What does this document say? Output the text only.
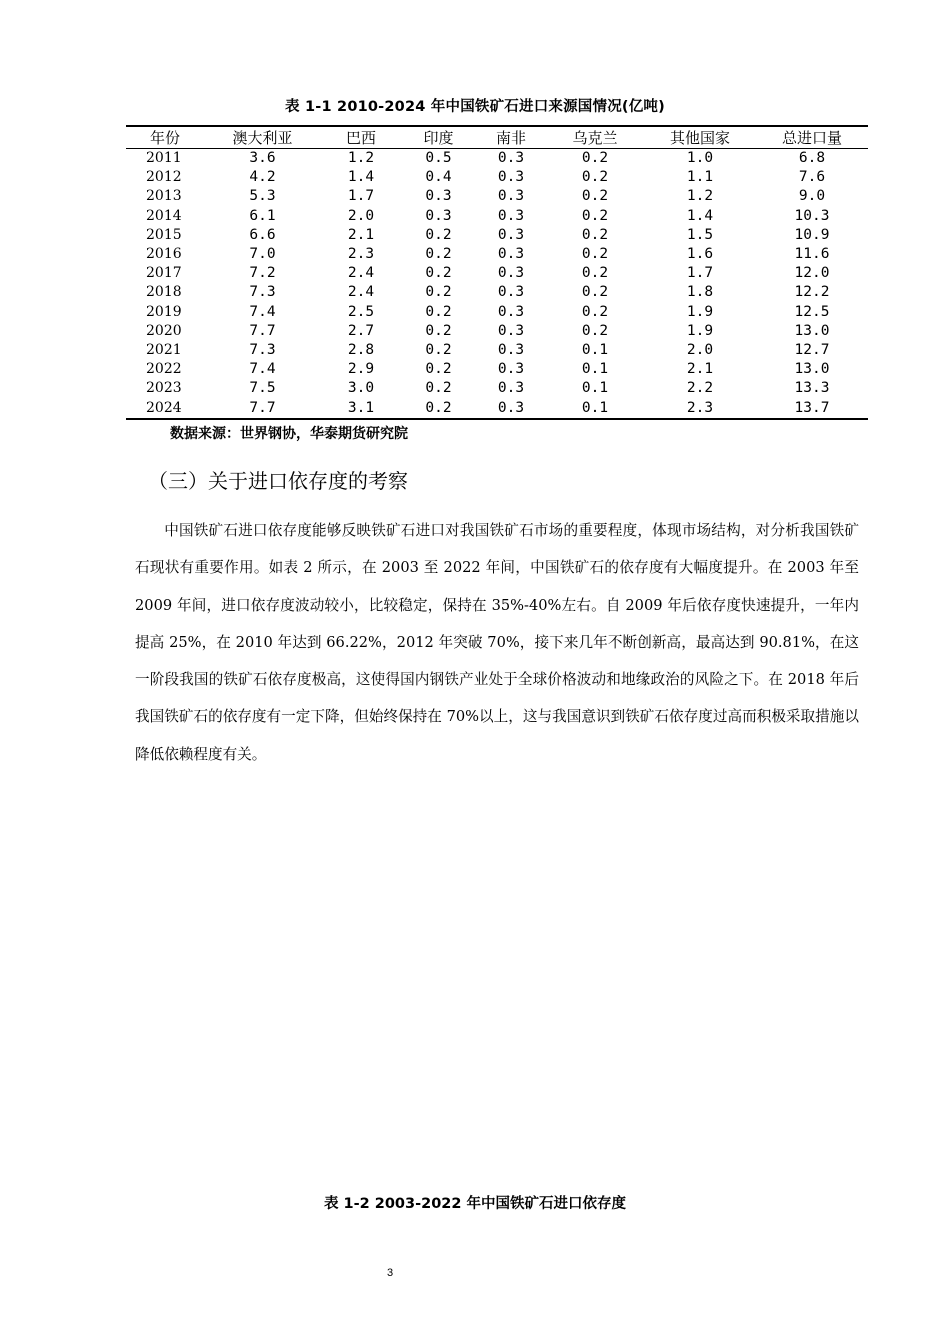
表 1-1 2010-2024 年中国铁矿石进口来源国情况(亿吨)
年份	澳大利亚	巴西	印度	南非	乌克兰	其他国家	总进口量
2011	3.6	1.2	0.5	0.3	0.2	1.0	6.8
2012	4.2	1.4	0.4	0.3	0.2	1.1	7.6
2013	5.3	1.7	0.3	0.3	0.2	1.2	9.0
2014	6.1	2.0	0.3	0.3	0.2	1.4	10.3
2015	6.6	2.1	0.2	0.3	0.2	1.5	10.9
2016	7.0	2.3	0.2	0.3	0.2	1.6	11.6
2017	7.2	2.4	0.2	0.3	0.2	1.7	12.0
2018	7.3	2.4	0.2	0.3	0.2	1.8	12.2
2019	7.4	2.5	0.2	0.3	0.2	1.9	12.5
2020	7.7	2.7	0.2	0.3	0.2	1.9	13.0
2021	7.3	2.8	0.2	0.3	0.1	2.0	12.7
2022	7.4	2.9	0.2	0.3	0.1	2.1	13.0
2023	7.5	3.0	0.2	0.3	0.1	2.2	13.3
2024	7.7	3.1	0.2	0.3	0.1	2.3	13.7
数据来源：世界钢协，华泰期货研究院
（三）关于进口依存度的考察

中国铁矿石进口依存度能够反映铁矿石进口对我国铁矿石市场的重要程度，体现市场结构，对分析我国铁矿石现状有重要作用。如表 2 所示，在 2003 至 2022 年间，中国铁矿石的依存度有大幅度提升。在 2003 年至 2009 年间，进口依存度波动较小，比较稳定，保持在 35%-40%左右。自 2009 年后依存度快速提升，一年内提高 25%，在 2010 年达到 66.22%，2012 年突破 70%，接下来几年不断创新高，最高达到 90.81%，在这一阶段我国的铁矿石依存度极高，这使得国内钢铁产业处于全球价格波动和地缘政治的风险之下。在 2018 年后我国铁矿石的依存度有一定下降，但始终保持在 70%以上，这与我国意识到铁矿石依存度过高而积极采取措施以降低依赖程度有关。

表 1-2 2003-2022 年中国铁矿石进口依存度
3
